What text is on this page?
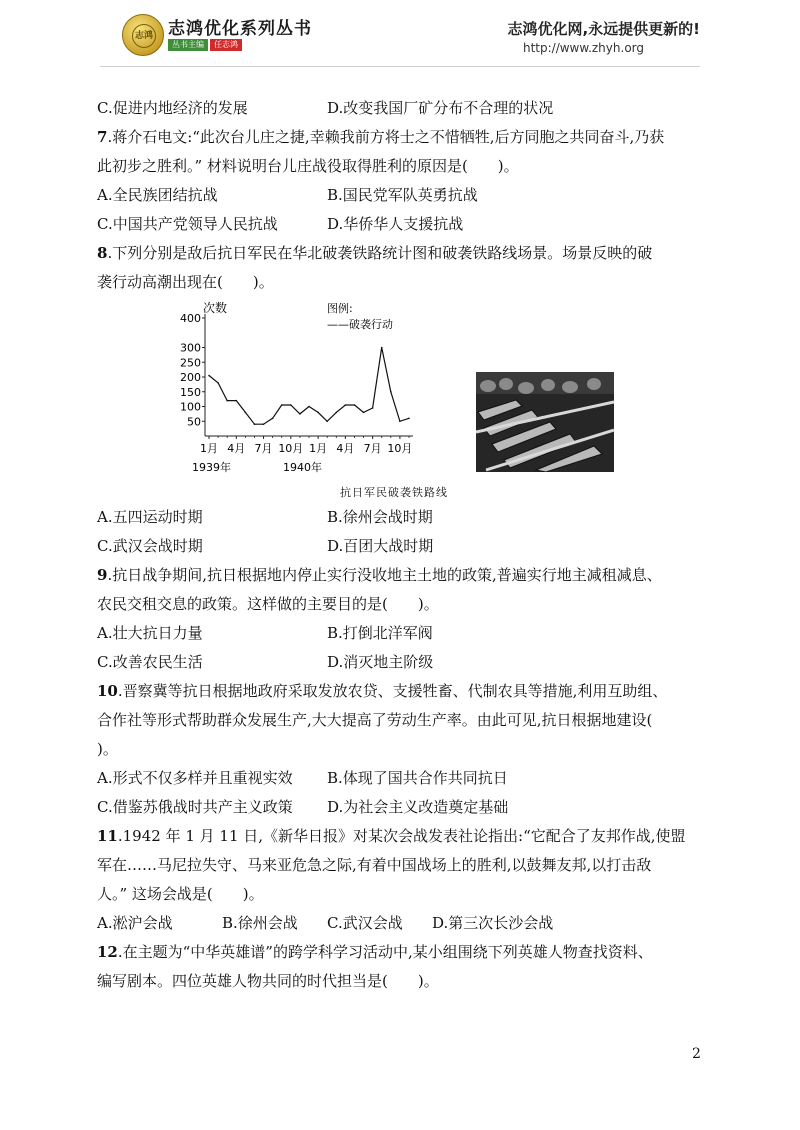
志鸿 志鸿优化系列丛书
丛书主编	任志鸿
志鸿优化网,永远提供更新的!
http://www.zhyh.org
C.促进内地经济的发展	D.改变我国厂矿分布不合理的状况
7.蒋介石电文:“此次台儿庄之捷,幸赖我前方将士之不惜牺牲,后方同胞之共同奋斗,乃获
此初步之胜利。” 材料说明台儿庄战役取得胜利的原因是(　　)。
A.全民族团结抗战	B.国民党军队英勇抗战
C.中国共产党领导人民抗战	D.华侨华人支援抗战
8.下列分别是敌后抗日军民在华北破袭铁路统计图和破袭铁路线场景。场景反映的破
袭行动高潮出现在(　　)。
次数	图例:
——破袭行动
400
300
250
200
150
100
50
1月 4月 7月 10月 1月 4月 7月 10月
1939年	1940年
抗日军民破袭铁路线
A.五四运动时期	B.徐州会战时期
C.武汉会战时期	D.百团大战时期
9.抗日战争期间,抗日根据地内停止实行没收地主土地的政策,普遍实行地主减租减息、
农民交租交息的政策。这样做的主要目的是(　　)。
A.壮大抗日力量	B.打倒北洋军阀
C.改善农民生活	D.消灭地主阶级
10.晋察冀等抗日根据地政府采取发放农贷、支援牲畜、代制农具等措施,利用互助组、
合作社等形式帮助群众发展生产,大大提高了劳动生产率。由此可见,抗日根据地建设(
)。
A.形式不仅多样并且重视实效 B.体现了国共合作共同抗日
C.借鉴苏俄战时共产主义政策 D.为社会主义改造奠定基础
11.1942 年 1 月 11 日,《新华日报》对某次会战发表社论指出:“它配合了友邦作战,使盟
军在……马尼拉失守、马来亚危急之际,有着中国战场上的胜利,以鼓舞友邦,以打击敌
人。” 这场会战是(　　)。
A.淞沪会战	B.徐州会战 C.武汉会战 D.第三次长沙会战
12.在主题为“中华英雄谱”的跨学科学习活动中,某小组围绕下列英雄人物查找资料、
编写剧本。四位英雄人物共同的时代担当是(　　)。
2
